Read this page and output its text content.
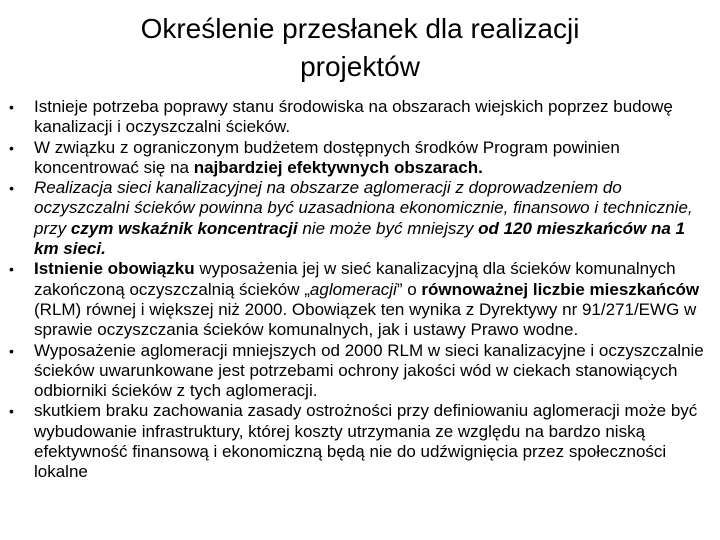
Określenie przesłanek dla realizacji
projektów
• Istnieje potrzeba poprawy stanu środowiska na obszarach wiejskich poprzez budowę kanalizacji i oczyszczalni ścieków.
• W związku z ograniczonym budżetem dostępnych środków Program powinien koncentrować się na najbardziej efektywnych obszarach.
• Realizacja sieci kanalizacyjnej na obszarze aglomeracji z doprowadzeniem do oczyszczalni ścieków powinna być uzasadniona ekonomicznie, finansowo i technicznie, przy czym wskaźnik koncentracji nie może być mniejszy od 120 mieszkańców na 1 km sieci.
• Istnienie obowiązku wyposażenia jej w sieć kanalizacyjną dla ścieków komunalnych zakończoną oczyszczalnią ścieków „aglomeracji” o równoważnej liczbie mieszkańców (RLM) równej i większej niż 2000. Obowiązek ten wynika z Dyrektywy nr 91/271/EWG w sprawie oczyszczania ścieków komunalnych, jak i ustawy Prawo wodne.
• Wyposażenie aglomeracji mniejszych od 2000 RLM w sieci kanalizacyjne i oczyszczalnie ścieków uwarunkowane jest potrzebami ochrony jakości wód w ciekach stanowiących odbiorniki ścieków z tych aglomeracji.
• skutkiem braku zachowania zasady ostrożności przy definiowaniu aglomeracji może być wybudowanie infrastruktury, której koszty utrzymania ze względu na bardzo niską efektywność finansową i ekonomiczną będą nie do udźwignięcia przez społeczności lokalne
